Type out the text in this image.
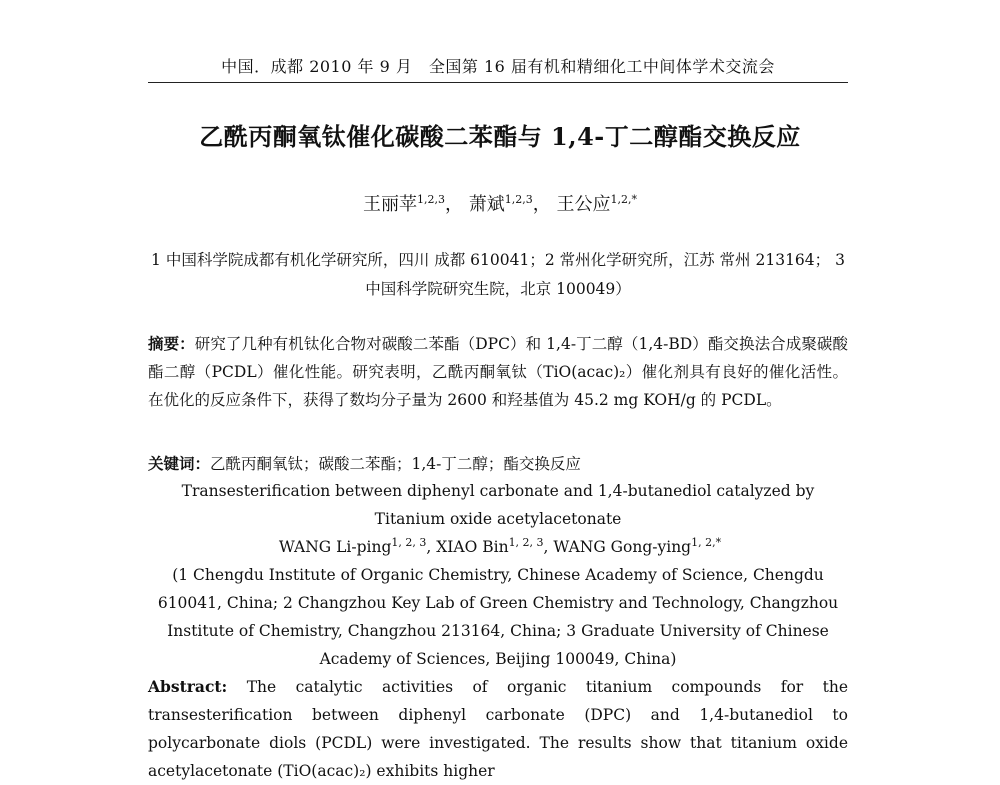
中国．成都 2010 年 9 月　全国第 16 届有机和精细化工中间体学术交流会
乙酰丙酮氧钛催化碳酸二苯酯与 1,4-丁二醇酯交换反应
王丽苹$^{1,2,3}$， 萧斌$^{1,2,3}$， 王公应$^{1,2,*}$
1 中国科学院成都有机化学研究所，四川 成都 610041；2 常州化学研究所，江苏 常州 213164； 3 中国科学院研究生院，北京 100049）
摘要：研究了几种有机钛化合物对碳酸二苯酯（DPC）和 1,4-丁二醇（1,4-BD）酯交换法合成聚碳酸酯二醇（PCDL）催化性能。研究表明，乙酰丙酮氧钛（TiO(acac)₂）催化剂具有良好的催化活性。在优化的反应条件下，获得了数均分子量为 2600 和羟基值为 45.2 mg KOH/g 的 PCDL。
关键词：乙酰丙酮氧钛；碳酸二苯酯；1,4-丁二醇；酯交换反应
Transesterification between diphenyl carbonate and 1,4-butanediol catalyzed by Titanium oxide acetylacetonate
WANG Li-ping$^{1, 2, 3}$, XIAO Bin$^{1, 2, 3}$, WANG Gong-ying$^{1, 2,*}$
(1 Chengdu Institute of Organic Chemistry, Chinese Academy of Science, Chengdu 610041, China; 2 Changzhou Key Lab of Green Chemistry and Technology, Changzhou Institute of Chemistry, Changzhou 213164, China; 3 Graduate University of Chinese Academy of Sciences, Beijing 100049, China)
Abstract: The catalytic activities of organic titanium compounds for the transesterification between diphenyl carbonate (DPC) and 1,4-butanediol to polycarbonate diols (PCDL) were investigated. The results show that titanium oxide acetylacetonate (TiO(acac)₂) exhibits higher
